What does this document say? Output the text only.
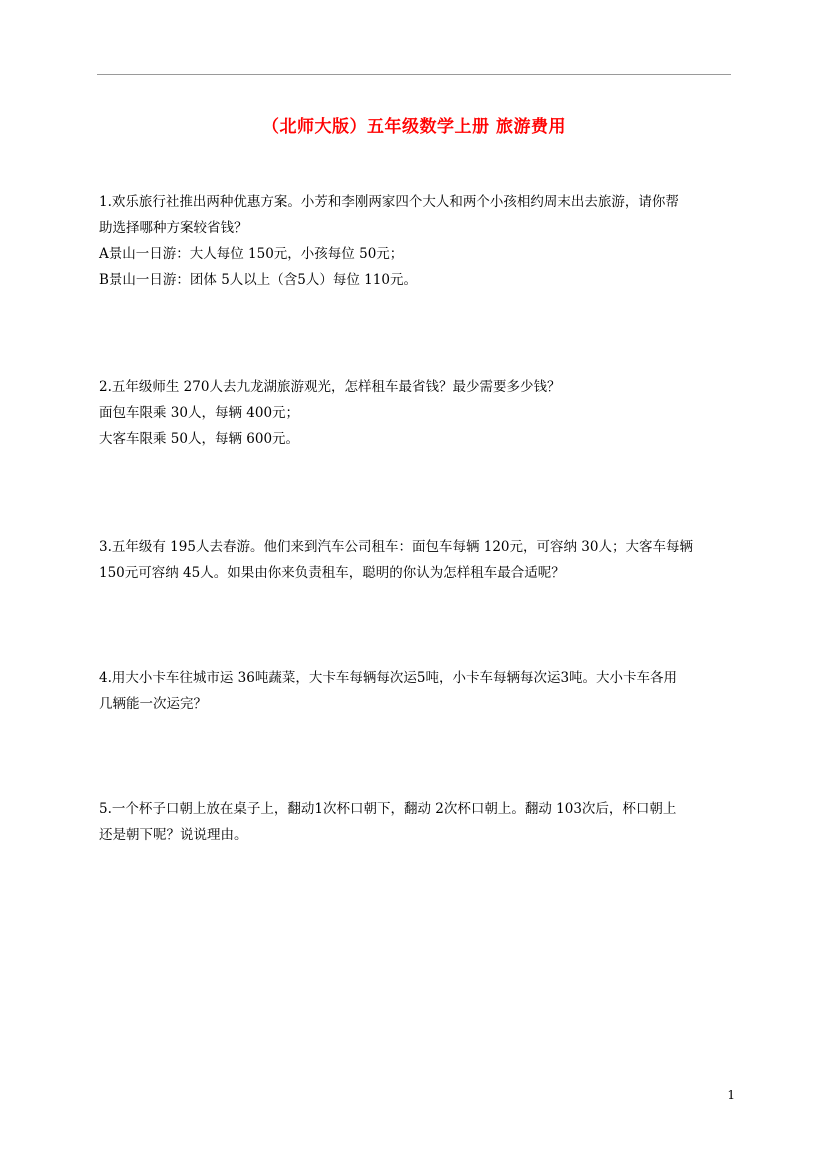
（北师大版）五年级数学上册 旅游费用
1.欢乐旅行社推出两种优惠方案。小芳和李刚两家四个大人和两个小孩相约周末出去旅游，请你帮
助选择哪种方案较省钱？
A景山一日游：大人每位 150元，小孩每位 50元；
B景山一日游：团体 5人以上（含5人）每位 110元。
2.五年级师生 270人去九龙湖旅游观光，怎样租车最省钱？最少需要多少钱？
面包车限乘 30人，每辆 400元；
大客车限乘 50人，每辆 600元。
3.五年级有 195人去春游。他们来到汽车公司租车：面包车每辆 120元，可容纳 30人；大客车每辆
150元可容纳 45人。如果由你来负责租车，聪明的你认为怎样租车最合适呢？
4.用大小卡车往城市运 36吨蔬菜，大卡车每辆每次运5吨，小卡车每辆每次运3吨。大小卡车各用
几辆能一次运完？
5.一个杯子口朝上放在桌子上，翻动1次杯口朝下，翻动 2次杯口朝上。翻动 103次后，杯口朝上
还是朝下呢？说说理由。
1
